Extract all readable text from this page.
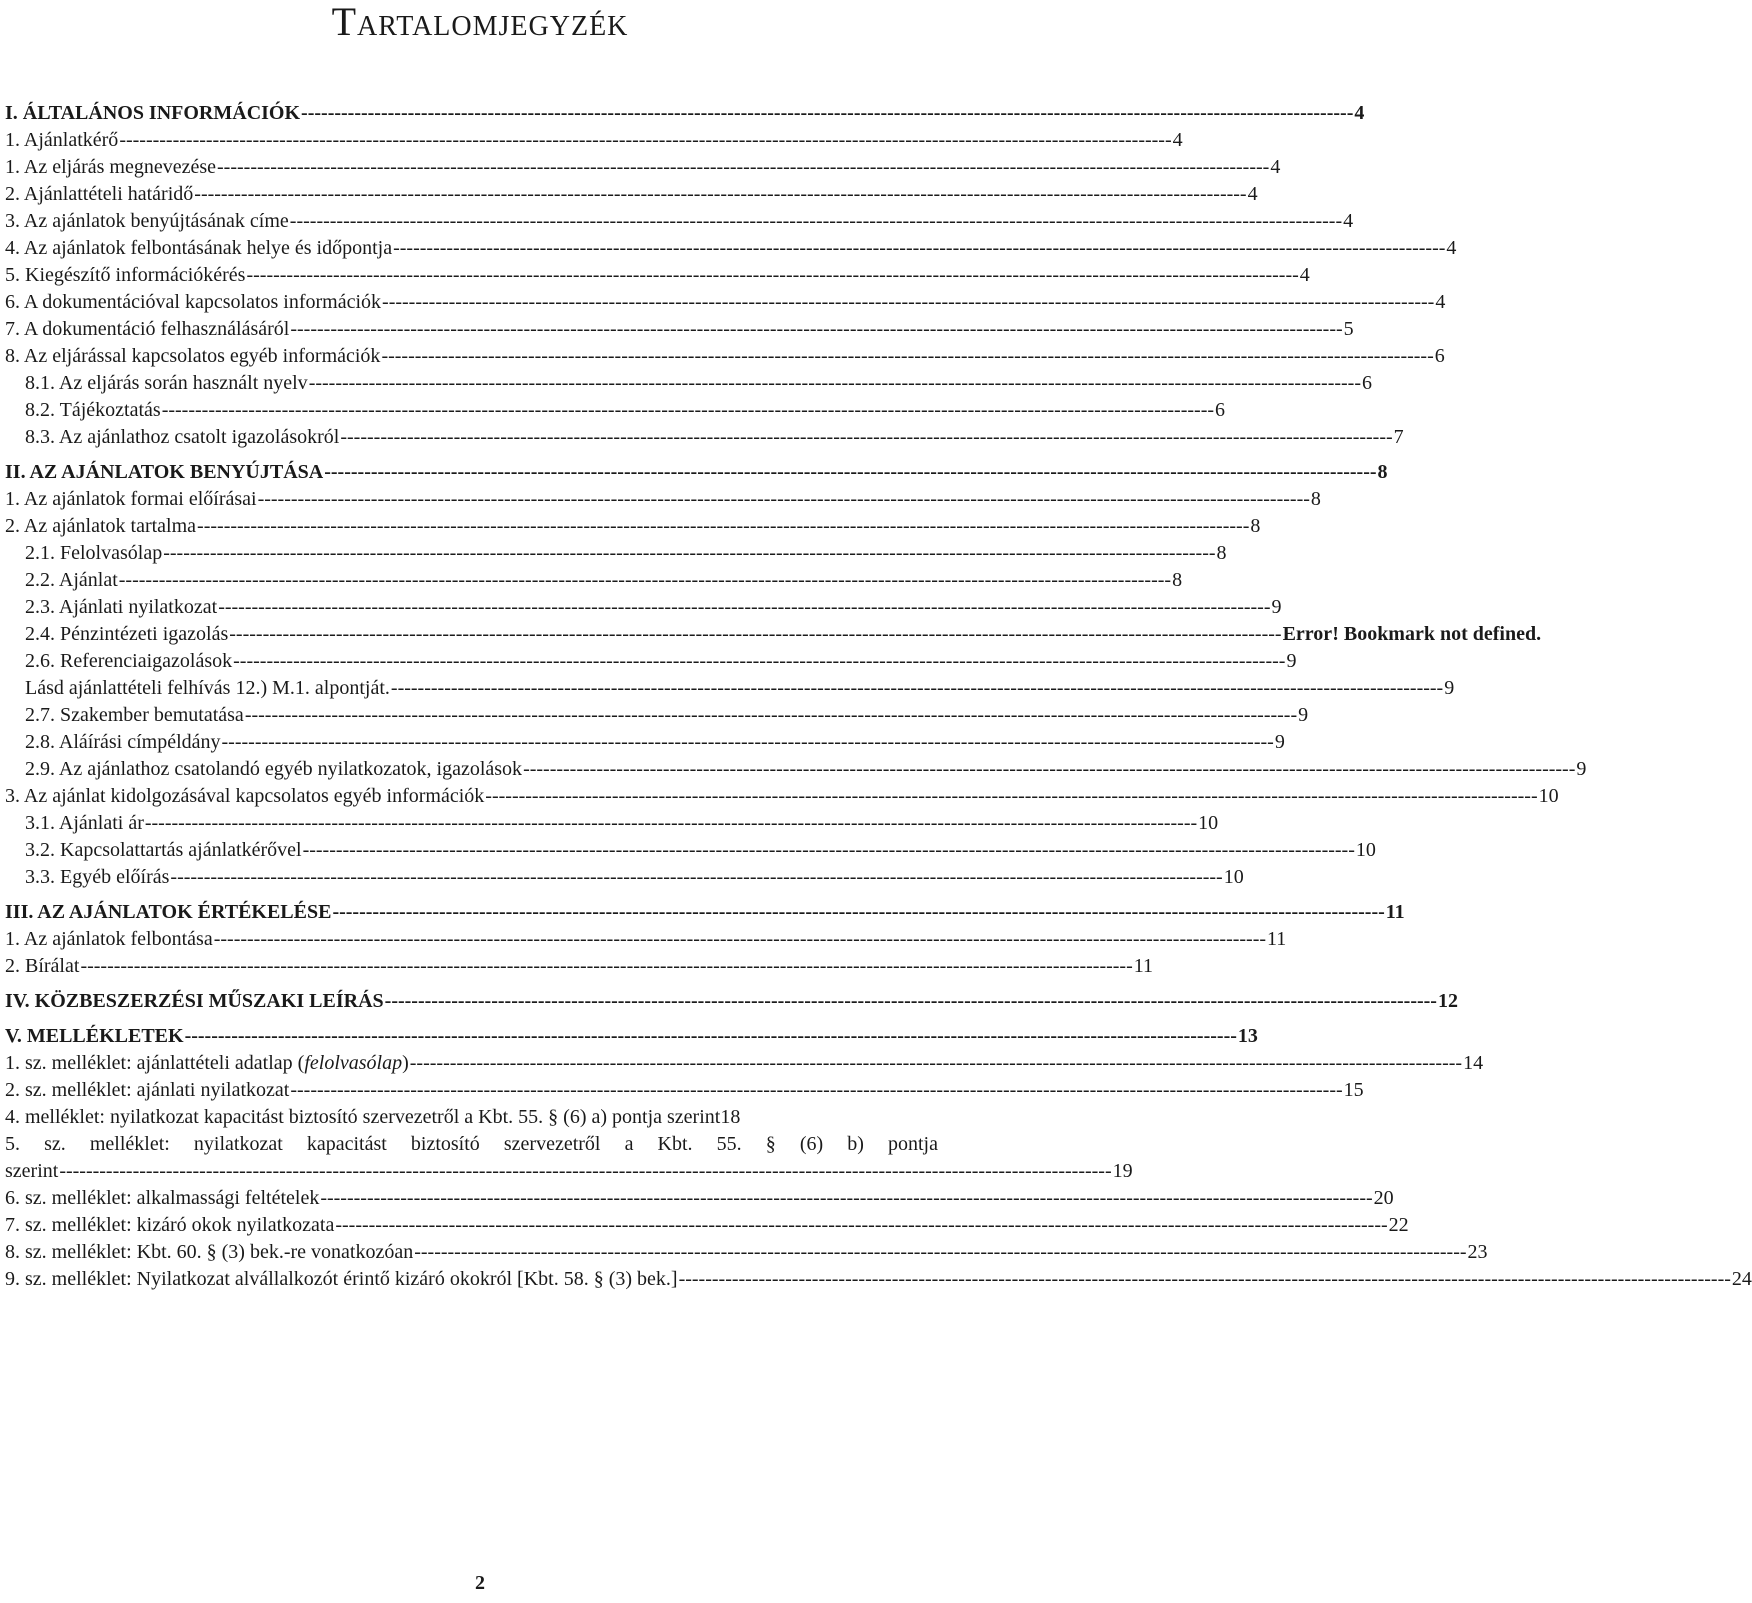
Tartalomjegyzék
I. ÁLTALÁNOS INFORMÁCIÓK -------------------------------------------------------------------------------------------------------------------------------------------------------------- 4
1. Ajánlatkérő -------------------------------------------------------------------------------------------------------------------------------------------------------------- 4
1. Az eljárás megnevezése -------------------------------------------------------------------------------------------------------------------------------------------------------------- 4
2. Ajánlattételi határidő -------------------------------------------------------------------------------------------------------------------------------------------------------------- 4
3. Az ajánlatok benyújtásának címe -------------------------------------------------------------------------------------------------------------------------------------------------------------- 4
4. Az ajánlatok felbontásának helye és időpontja -------------------------------------------------------------------------------------------------------------------------------------------------------------- 4
5. Kiegészítő információkérés -------------------------------------------------------------------------------------------------------------------------------------------------------------- 4
6. A dokumentációval kapcsolatos információk -------------------------------------------------------------------------------------------------------------------------------------------------------------- 4
7. A dokumentáció felhasználásáról -------------------------------------------------------------------------------------------------------------------------------------------------------------- 5
8. Az eljárással kapcsolatos egyéb információk -------------------------------------------------------------------------------------------------------------------------------------------------------------- 6
8.1. Az eljárás során használt nyelv -------------------------------------------------------------------------------------------------------------------------------------------------------------- 6
8.2. Tájékoztatás -------------------------------------------------------------------------------------------------------------------------------------------------------------- 6
8.3. Az ajánlathoz csatolt igazolásokról -------------------------------------------------------------------------------------------------------------------------------------------------------------- 7
II. AZ AJÁNLATOK BENYÚJTÁSA -------------------------------------------------------------------------------------------------------------------------------------------------------------- 8
1. Az ajánlatok formai előírásai -------------------------------------------------------------------------------------------------------------------------------------------------------------- 8
2. Az ajánlatok tartalma -------------------------------------------------------------------------------------------------------------------------------------------------------------- 8
2.1. Felolvasólap -------------------------------------------------------------------------------------------------------------------------------------------------------------- 8
2.2. Ajánlat -------------------------------------------------------------------------------------------------------------------------------------------------------------- 8
2.3. Ajánlati nyilatkozat -------------------------------------------------------------------------------------------------------------------------------------------------------------- 9
2.4. Pénzintézeti igazolás -------------------------------------------------------------------------------------------------------------------------------------------------------------- Error! Bookmark not defined.
2.6. Referenciaigazolások -------------------------------------------------------------------------------------------------------------------------------------------------------------- 9
Lásd ajánlattételi felhívás 12.) M.1. alpontját. -------------------------------------------------------------------------------------------------------------------------------------------------------------- 9
2.7. Szakember bemutatása -------------------------------------------------------------------------------------------------------------------------------------------------------------- 9
2.8. Aláírási címpéldány -------------------------------------------------------------------------------------------------------------------------------------------------------------- 9
2.9. Az ajánlathoz csatolandó egyéb nyilatkozatok, igazolások -------------------------------------------------------------------------------------------------------------------------------------------------------------- 9
3. Az ajánlat kidolgozásával kapcsolatos egyéb információk -------------------------------------------------------------------------------------------------------------------------------------------------------------- 10
3.1. Ajánlati ár -------------------------------------------------------------------------------------------------------------------------------------------------------------- 10
3.2. Kapcsolattartás ajánlatkérővel -------------------------------------------------------------------------------------------------------------------------------------------------------------- 10
3.3. Egyéb előírás -------------------------------------------------------------------------------------------------------------------------------------------------------------- 10
III. AZ AJÁNLATOK ÉRTÉKELÉSE -------------------------------------------------------------------------------------------------------------------------------------------------------------- 11
1. Az ajánlatok felbontása -------------------------------------------------------------------------------------------------------------------------------------------------------------- 11
2. Bírálat -------------------------------------------------------------------------------------------------------------------------------------------------------------- 11
IV. KÖZBESZERZÉSI MŰSZAKI LEÍRÁS -------------------------------------------------------------------------------------------------------------------------------------------------------------- 12
V. MELLÉKLETEK -------------------------------------------------------------------------------------------------------------------------------------------------------------- 13
1. sz. melléklet: ajánlattételi adatlap (felolvasólap) -------------------------------------------------------------------------------------------------------------------------------------------------------------- 14
2. sz. melléklet: ajánlati nyilatkozat -------------------------------------------------------------------------------------------------------------------------------------------------------------- 15
4. melléklet: nyilatkozat kapacitást biztosító szervezetről a Kbt. 55. § (6) a) pontja szerint 18
5. sz. melléklet: nyilatkozat kapacitást biztosító szervezetről a Kbt. 55. § (6) b) pontja
szerint -------------------------------------------------------------------------------------------------------------------------------------------------------------- 19
6. sz. melléklet: alkalmassági feltételek -------------------------------------------------------------------------------------------------------------------------------------------------------------- 20
7. sz. melléklet: kizáró okok nyilatkozata -------------------------------------------------------------------------------------------------------------------------------------------------------------- 22
8. sz. melléklet: Kbt. 60. § (3) bek.-re vonatkozóan -------------------------------------------------------------------------------------------------------------------------------------------------------------- 23
9. sz. melléklet: Nyilatkozat alvállalkozót érintő kizáró okokról [Kbt. 58. § (3) bek.] -------------------------------------------------------------------------------------------------------------------------------------------------------------- 24
2
